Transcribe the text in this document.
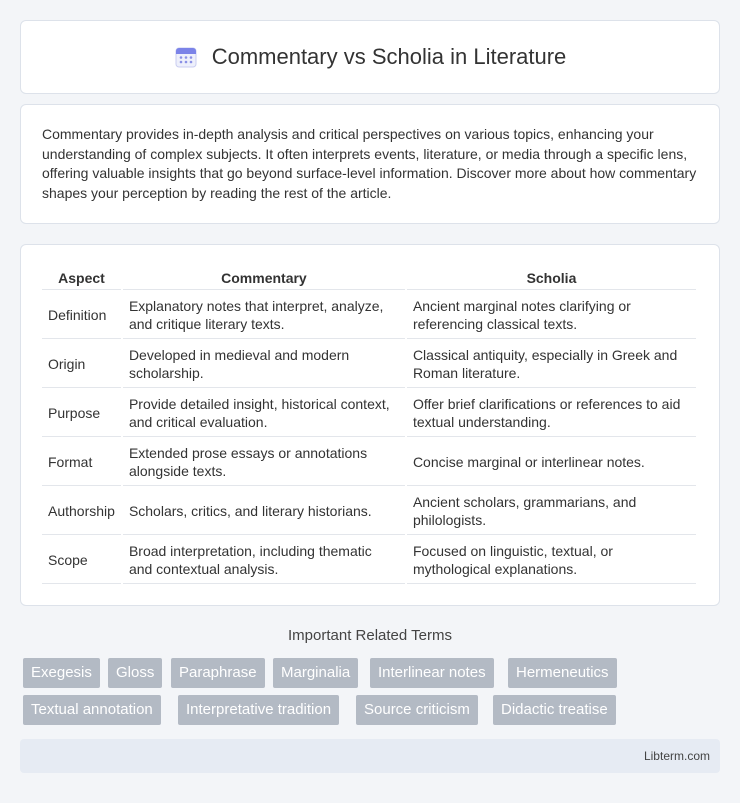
Commentary vs Scholia in Literature

Commentary provides in-depth analysis and critical perspectives on various topics, enhancing your understanding of complex subjects. It often interprets events, literature, or media through a specific lens, offering valuable insights that go beyond surface-level information. Discover more about how commentary shapes your perception by reading the rest of the article.

Aspect	Commentary	Scholia
Definition	Explanatory notes that interpret, analyze, and critique literary texts.	Ancient marginal notes clarifying or referencing classical texts.
Origin	Developed in medieval and modern scholarship.	Classical antiquity, especially in Greek and Roman literature.
Purpose	Provide detailed insight, historical context, and critical evaluation.	Offer brief clarifications or references to aid textual understanding.
Format	Extended prose essays or annotations alongside texts.	Concise marginal or interlinear notes.
Authorship	Scholars, critics, and literary historians.	Ancient scholars, grammarians, and philologists.
Scope	Broad interpretation, including thematic and contextual analysis.	Focused on linguistic, textual, or mythological explanations.
Important Related Terms
Exegesis	Gloss	Paraphrase	Marginalia	Interlinear notes	Hermeneutics
Textual annotation	Interpretative tradition	Source criticism	Didactic treatise
Libterm.com
